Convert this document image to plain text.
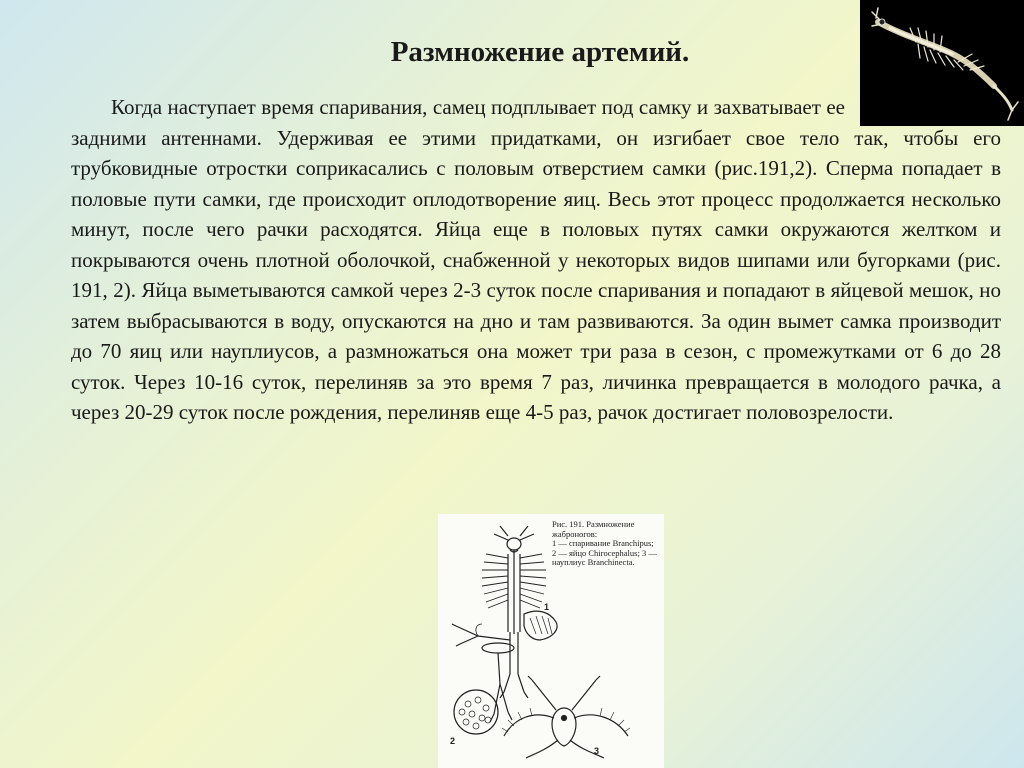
Размножение артемий.

Когда наступает время спаривания, самец подплывает под самку и захватывает ее задними антеннами. Удерживая ее этими придатками, он изгибает свое тело так, чтобы его трубковидные отростки соприкасались с половым отверстием самки (рис.191,2). Сперма попадает в половые пути самки, где происходит оплодотворение яиц. Весь этот процесс продолжается несколько минут, после чего рачки расходятся. Яйца еще в половых путях самки окружаются желтком и покрываются очень плотной оболочкой, снабженной у некоторых видов шипами или бугорками (рис. 191, 2). Яйца выметываются самкой через 2-3 суток после спаривания и попадают в яйцевой мешок, но затем выбрасываются в воду, опускаются на дно и там развиваются. За один вымет самка производит до 70 яиц или науплиусов, а размножаться она может три раза в сезон, с промежутками от 6 до 28 суток. Через 10-16 суток, перелиняв за это время 7 раз, личинка превращается в молодого рачка, а через 20-29 суток после рождения, перелиняв еще 4-5 раз, рачок достигает половозрелости.

Рис. 191. Размножение жаброногов:
1 — спаривание Branchipus;
2 — яйцо Chirocephalus; 3 —
науплиус Branchinecta.
1
2
3
